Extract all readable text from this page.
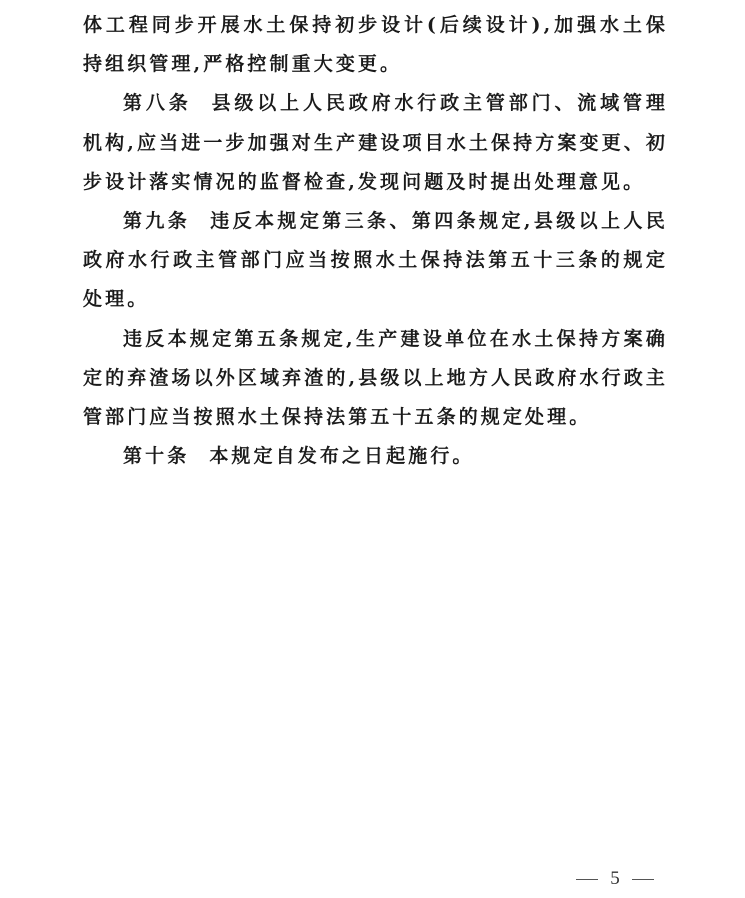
体工程同步开展水土保持初步设计(后续设计),加强水土保持组织管理,严格控制重大变更。

第八条 县级以上人民政府水行政主管部门、流域管理机构,应当进一步加强对生产建设项目水土保持方案变更、初步设计落实情况的监督检查,发现问题及时提出处理意见。

第九条 违反本规定第三条、第四条规定,县级以上人民政府水行政主管部门应当按照水土保持法第五十三条的规定处理。

违反本规定第五条规定,生产建设单位在水土保持方案确定的弃渣场以外区域弃渣的,县级以上地方人民政府水行政主管部门应当按照水土保持法第五十五条的规定处理。

第十条 本规定自发布之日起施行。

5
